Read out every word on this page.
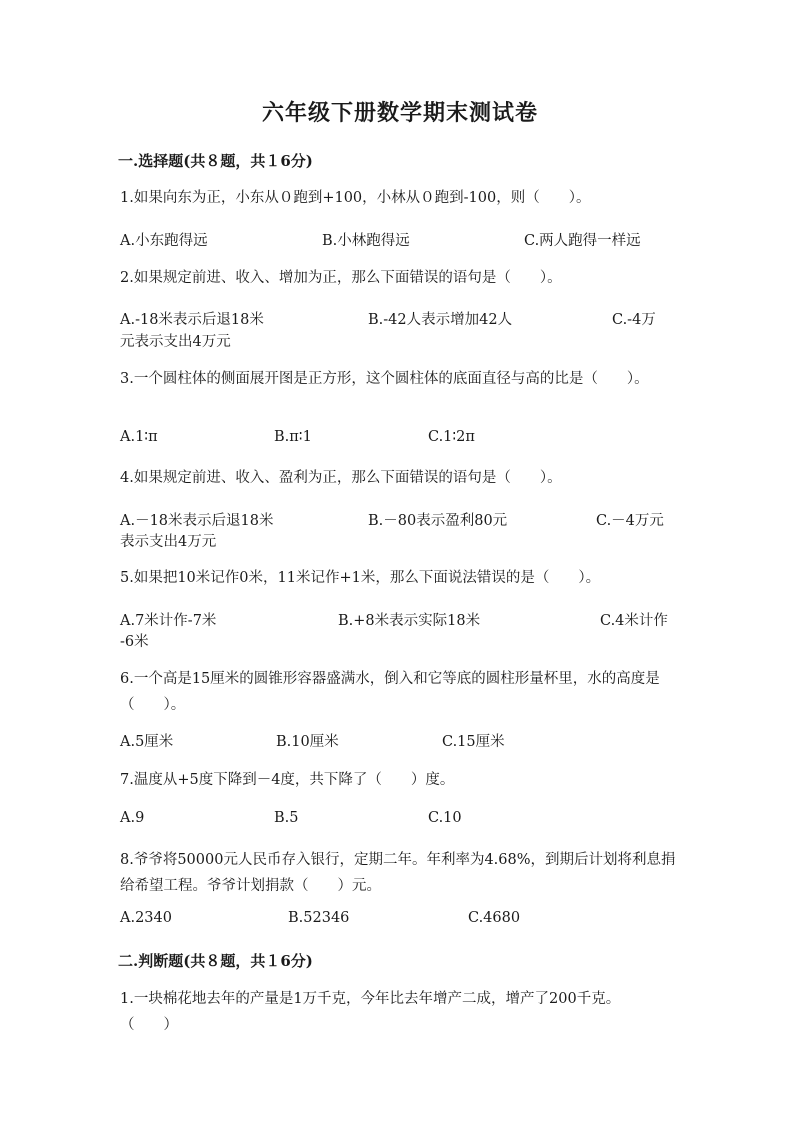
六年级下册数学期末测试卷
一.选择题(共８题，共１6分)
1.如果向东为正，小东从０跑到+100，小林从０跑到-100，则（　　）。
A.小东跑得远	B.小林跑得远	C.两人跑得一样远
2.如果规定前进、收入、增加为正，那么下面错误的语句是（　　）。
A.-18米表示后退18米	B.-42人表示增加42人	C.-4万
元表示支出4万元
3.一个圆柱体的侧面展开图是正方形，这个圆柱体的底面直径与高的比是（　　）。
A.1∶π	B.π∶1	C.1∶2π
4.如果规定前进、收入、盈利为正，那么下面错误的语句是（　　）。
A.－18米表示后退18米	B.－80表示盈利80元	C.－4万元
表示支出4万元
5.如果把10米记作0米，11米记作+1米，那么下面说法错误的是（　　）。
A.7米计作-7米	B.+8米表示实际18米	C.4米计作
-6米
6.一个高是15厘米的圆锥形容器盛满水，倒入和它等底的圆柱形量杯里，水的高度是（　　）。
A.5厘米	B.10厘米	C.15厘米
7.温度从+5度下降到－4度，共下降了（　　）度。
A.9	B.5	C.10
8.爷爷将50000元人民币存入银行，定期二年。年利率为4.68%，到期后计划将利息捐给希望工程。爷爷计划捐款（　　）元。
A.2340	B.52346	C.4680
二.判断题(共８题，共１6分)
1.一块棉花地去年的产量是1万千克，今年比去年增产二成，增产了200千克。　　（　　）
